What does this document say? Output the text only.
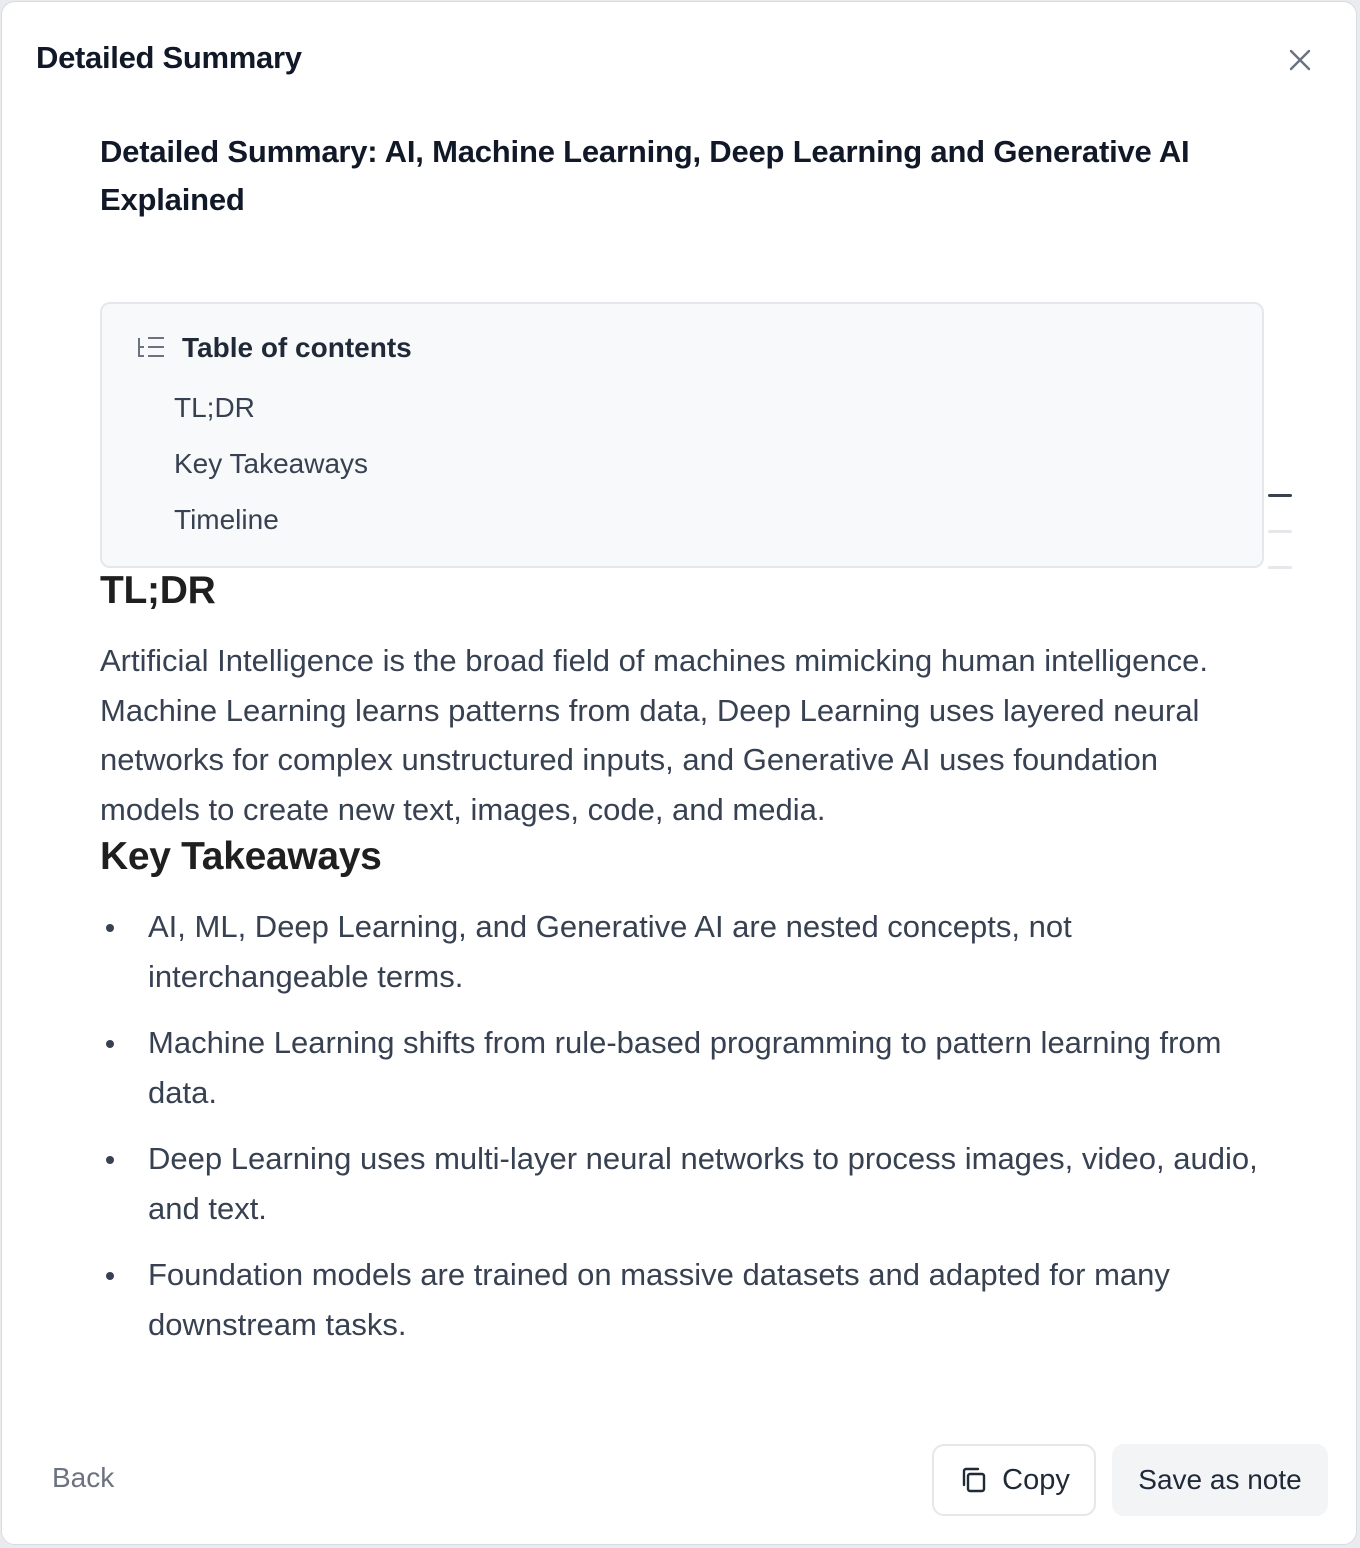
Detailed Summary
Detailed Summary: AI, Machine Learning, Deep Learning and Generative AI Explained
Table of contents
TL;DR
Key Takeaways
Timeline
TL;DR

Artificial Intelligence is the broad field of machines mimicking human intelligence. Machine Learning learns patterns from data, Deep Learning uses layered neural networks for complex unstructured inputs, and Generative AI uses foundation models to create new text, images, code, and media.

Key Takeaways
AI, ML, Deep Learning, and Generative AI are nested concepts, not interchangeable terms.
Machine Learning shifts from rule-based programming to pattern learning from data.
Deep Learning uses multi-layer neural networks to process images, video, audio, and text.
Foundation models are trained on massive datasets and adapted for many downstream tasks.
Back	Copy Save as note
